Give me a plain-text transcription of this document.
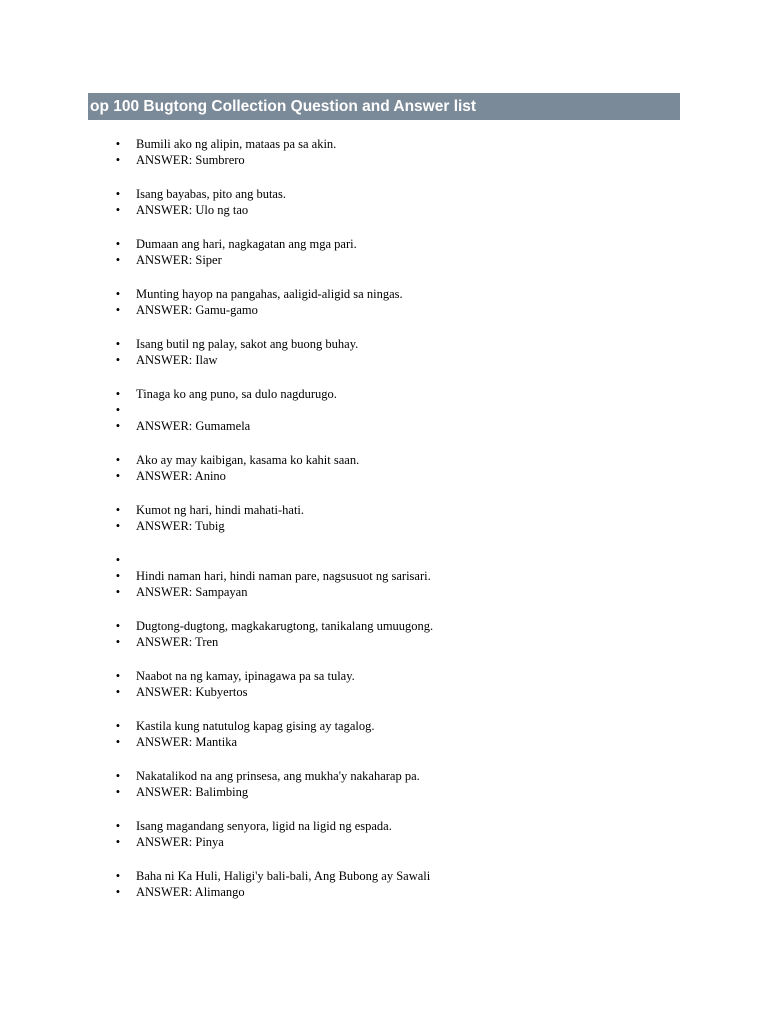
op 100 Bugtong Collection Question and Answer list
•	Bumili ako ng alipin, mataas pa sa akin.
•	ANSWER: Sumbrero
•	Isang bayabas, pito ang butas.
•	ANSWER: Ulo ng tao
•	Dumaan ang hari, nagkagatan ang mga pari.
•	ANSWER: Siper
•	Munting hayop na pangahas, aaligid-aligid sa ningas.
•	ANSWER: Gamu-gamo
•	Isang butil ng palay, sakot ang buong buhay.
•	ANSWER: Ilaw
•	Tinaga ko ang puno, sa dulo nagdurugo.
•
•	ANSWER: Gumamela
•	Ako ay may kaibigan, kasama ko kahit saan.
•	ANSWER: Anino
•	Kumot ng hari, hindi mahati-hati.
•	ANSWER: Tubig
•
•	Hindi naman hari, hindi naman pare, nagsusuot ng sarisari.
•	ANSWER: Sampayan
•	Dugtong-dugtong, magkakarugtong, tanikalang umuugong.
•	ANSWER: Tren
•	Naabot na ng kamay, ipinagawa pa sa tulay.
•	ANSWER: Kubyertos
•	Kastila kung natutulog kapag gising ay tagalog.
•	ANSWER: Mantika
•	Nakatalikod na ang prinsesa, ang mukha'y nakaharap pa.
•	ANSWER: Balimbing
•	Isang magandang senyora, ligid na ligid ng espada.
•	ANSWER: Pinya
•	Baha ni Ka Huli, Haligi'y bali-bali, Ang Bubong ay Sawali
•	ANSWER: Alimango
